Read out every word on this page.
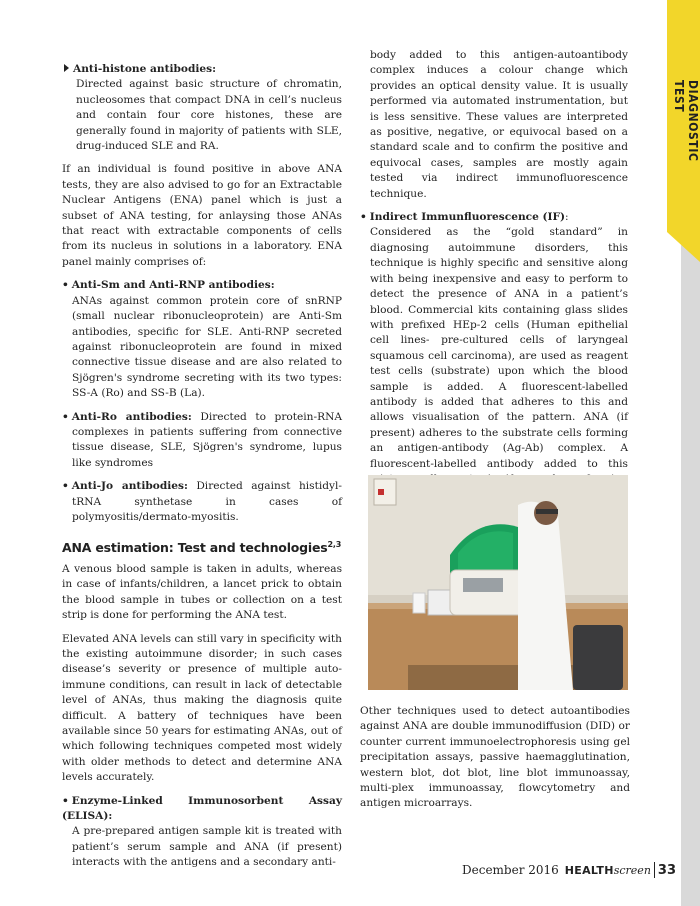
DIAGNOSTIC TEST
Anti-histone antibodies:
Directed against basic structure of chromatin, nucleosomes that compact DNA in cell’s nucleus and contain four core histones, these are generally found in majority of patients with SLE, drug-induced SLE and RA.

If an individual is found positive in above ANA tests, they are also advised to go for an Extractable Nuclear Antigens (ENA) panel which is just a subset of ANA testing, for anlaysing those ANAs that react with extractable components of cells from its nucleus in solutions in a laboratory. ENA panel mainly comprises of:

• Anti-Sm and Anti-RNP antibodies:
ANAs against common protein core of snRNP (small nuclear ribonucleoprotein) are Anti-Sm antibodies, specific for SLE. Anti-RNP secreted against ribonucleoprotein are found in mixed connective tissue disease and are also related to Sjögren's syndrome secreting with its two types: SS-A (Ro) and SS-B (La).
• Anti-Ro antibodies: Directed to protein-RNA complexes in patients suffering from connective tissue disease, SLE, Sjögren's syndrome, lupus like syndromes
• Anti-Jo antibodies: Directed against histidyl-tRNA synthetase in cases of polymyositis/dermato-myositis.
ANA estimation: Test and technologies$^{2,3}$

A venous blood sample is taken in adults, whereas in case of infants/children, a lancet prick to obtain the blood sample in tubes or collection on a test strip is done for performing the ANA test.

Elevated ANA levels can still vary in specificity with the existing autoimmune disorder; in such cases disease’s severity or presence of multiple auto-immune conditions, can result in lack of detectable level of ANAs, thus making the diagnosis quite difficult. A battery of techniques have been available since 50 years for estimating ANAs, out of which following techniques competed most widely with older methods to detect and determine ANA levels accurately.

• Enzyme-Linked Immunosorbent Assay (ELISA):
A pre-prepared antigen sample kit is treated with patient’s serum sample and ANA (if present) interacts with the antigens and a secondary anti-

body added to this antigen-autoantibody complex induces a colour change which provides an optical density value. It is usually performed via automated instrumentation, but is less sensitive. These values are interpreted as positive, negative, or equivocal based on a standard scale and to confirm the positive and equivocal cases, samples are mostly again tested via indirect immunofluorescence technique.

• Indirect Immunfluorescence (IF):
Considered as the “gold standard” in diagnosing autoimmune disorders, this technique is highly specific and sensitive along with being inexpensive and easy to perform to detect the presence of ANA in a patient’s blood. Commercial kits containing glass slides with prefixed HEp-2 cells (Human epithelial cell lines- pre-cultured cells of laryngeal squamous cell carcinoma), are used as reagent test cells (substrate) upon which the blood sample is added. A fluorescent-labelled antibody is added that adheres to this and allows visualisation of the pattern. ANA (if present) adheres to the substrate cells forming an antigen-antibody (Ag-Ab) complex. A fluorescent-labelled antibody added to this

Other techniques used to detect autoantibodies against ANA are double immunodiffusion (DID) or counter current immunoelectrophoresis using gel precipitation assays, passive haemagglutination, western blot, dot blot, line blot immunoassay, multi-plex immunoassay, flowcytometry and antigen microarrays.

December 2016 HEALTH screen 33
